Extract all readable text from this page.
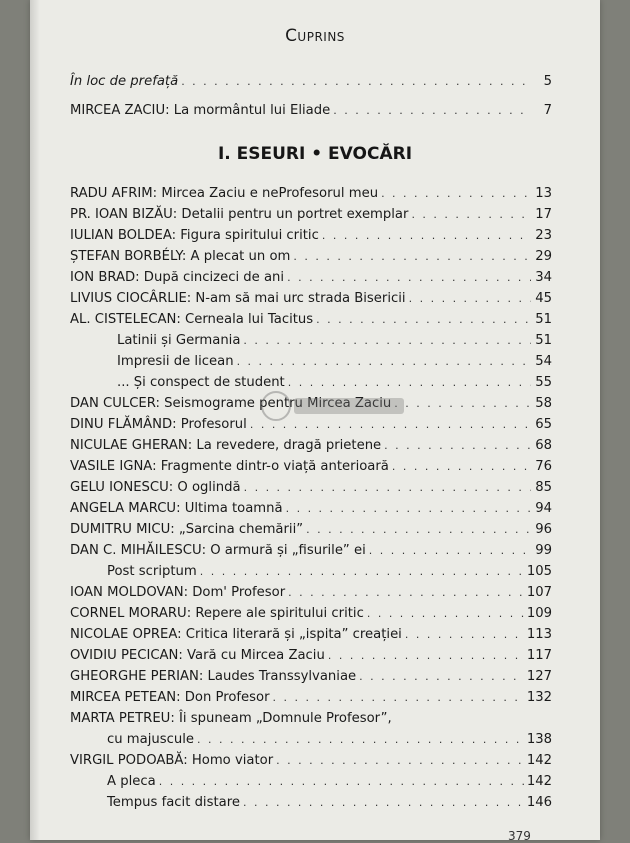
Cuprins
În loc de prefață . . .	5
MIRCEA ZACIU: La mormântul lui Eliade . . .	7
I. ESEURI • EVOCĂRI
RADU AFRIM: Mircea Zaciu e neProfesorul meu . . .	13
PR. IOAN BIZĂU: Detalii pentru un portret exemplar . . .	17
IULIAN BOLDEA: Figura spiritului critic . . .	23
ȘTEFAN BORBÉLY: A plecat un om . . .	29
ION BRAD: După cincizeci de ani . . .	34
LIVIUS CIOCÂRLIE: N-am să mai urc strada Bisericii . . .	45
AL. CISTELECAN: Cerneala lui Tacitus . . .	51
Latinii și Germania . . .	51
Impresii de licean . . .	54
... Și conspect de student . . .	55
DAN CULCER: Seismograme pentru Mircea Zaciu . . .	58
DINU FLĂMÂND: Profesorul . . .	65
NICULAE GHERAN: La revedere, dragă prietene . . .	68
VASILE IGNA: Fragmente dintr-o viață anterioară . . .	76
GELU IONESCU: O oglindă . . .	85
ANGELA MARCU: Ultima toamnă . . .	94
DUMITRU MICU: „Sarcina chemării” . . .	96
DAN C. MIHĂILESCU: O armură și „fisurile” ei . . .	99
Post scriptum . . .	105
IOAN MOLDOVAN: Dom' Profesor . . .	107
CORNEL MORARU: Repere ale spiritului critic . . .	109
NICOLAE OPREA: Critica literară și „ispita” creației . . .	113
OVIDIU PECICAN: Vară cu Mircea Zaciu . . .	117
GHEORGHE PERIAN: Laudes Transsylvaniae . . .	127
MIRCEA PETEAN: Don Profesor . . .	132
MARTA PETREU: Îi spuneam „Domnule Profesor”,
cu majuscule . . .	138
VIRGIL PODOABĂ: Homo viator . . .	142
A pleca . . .	142
Tempus facit distare . . .	146
379
